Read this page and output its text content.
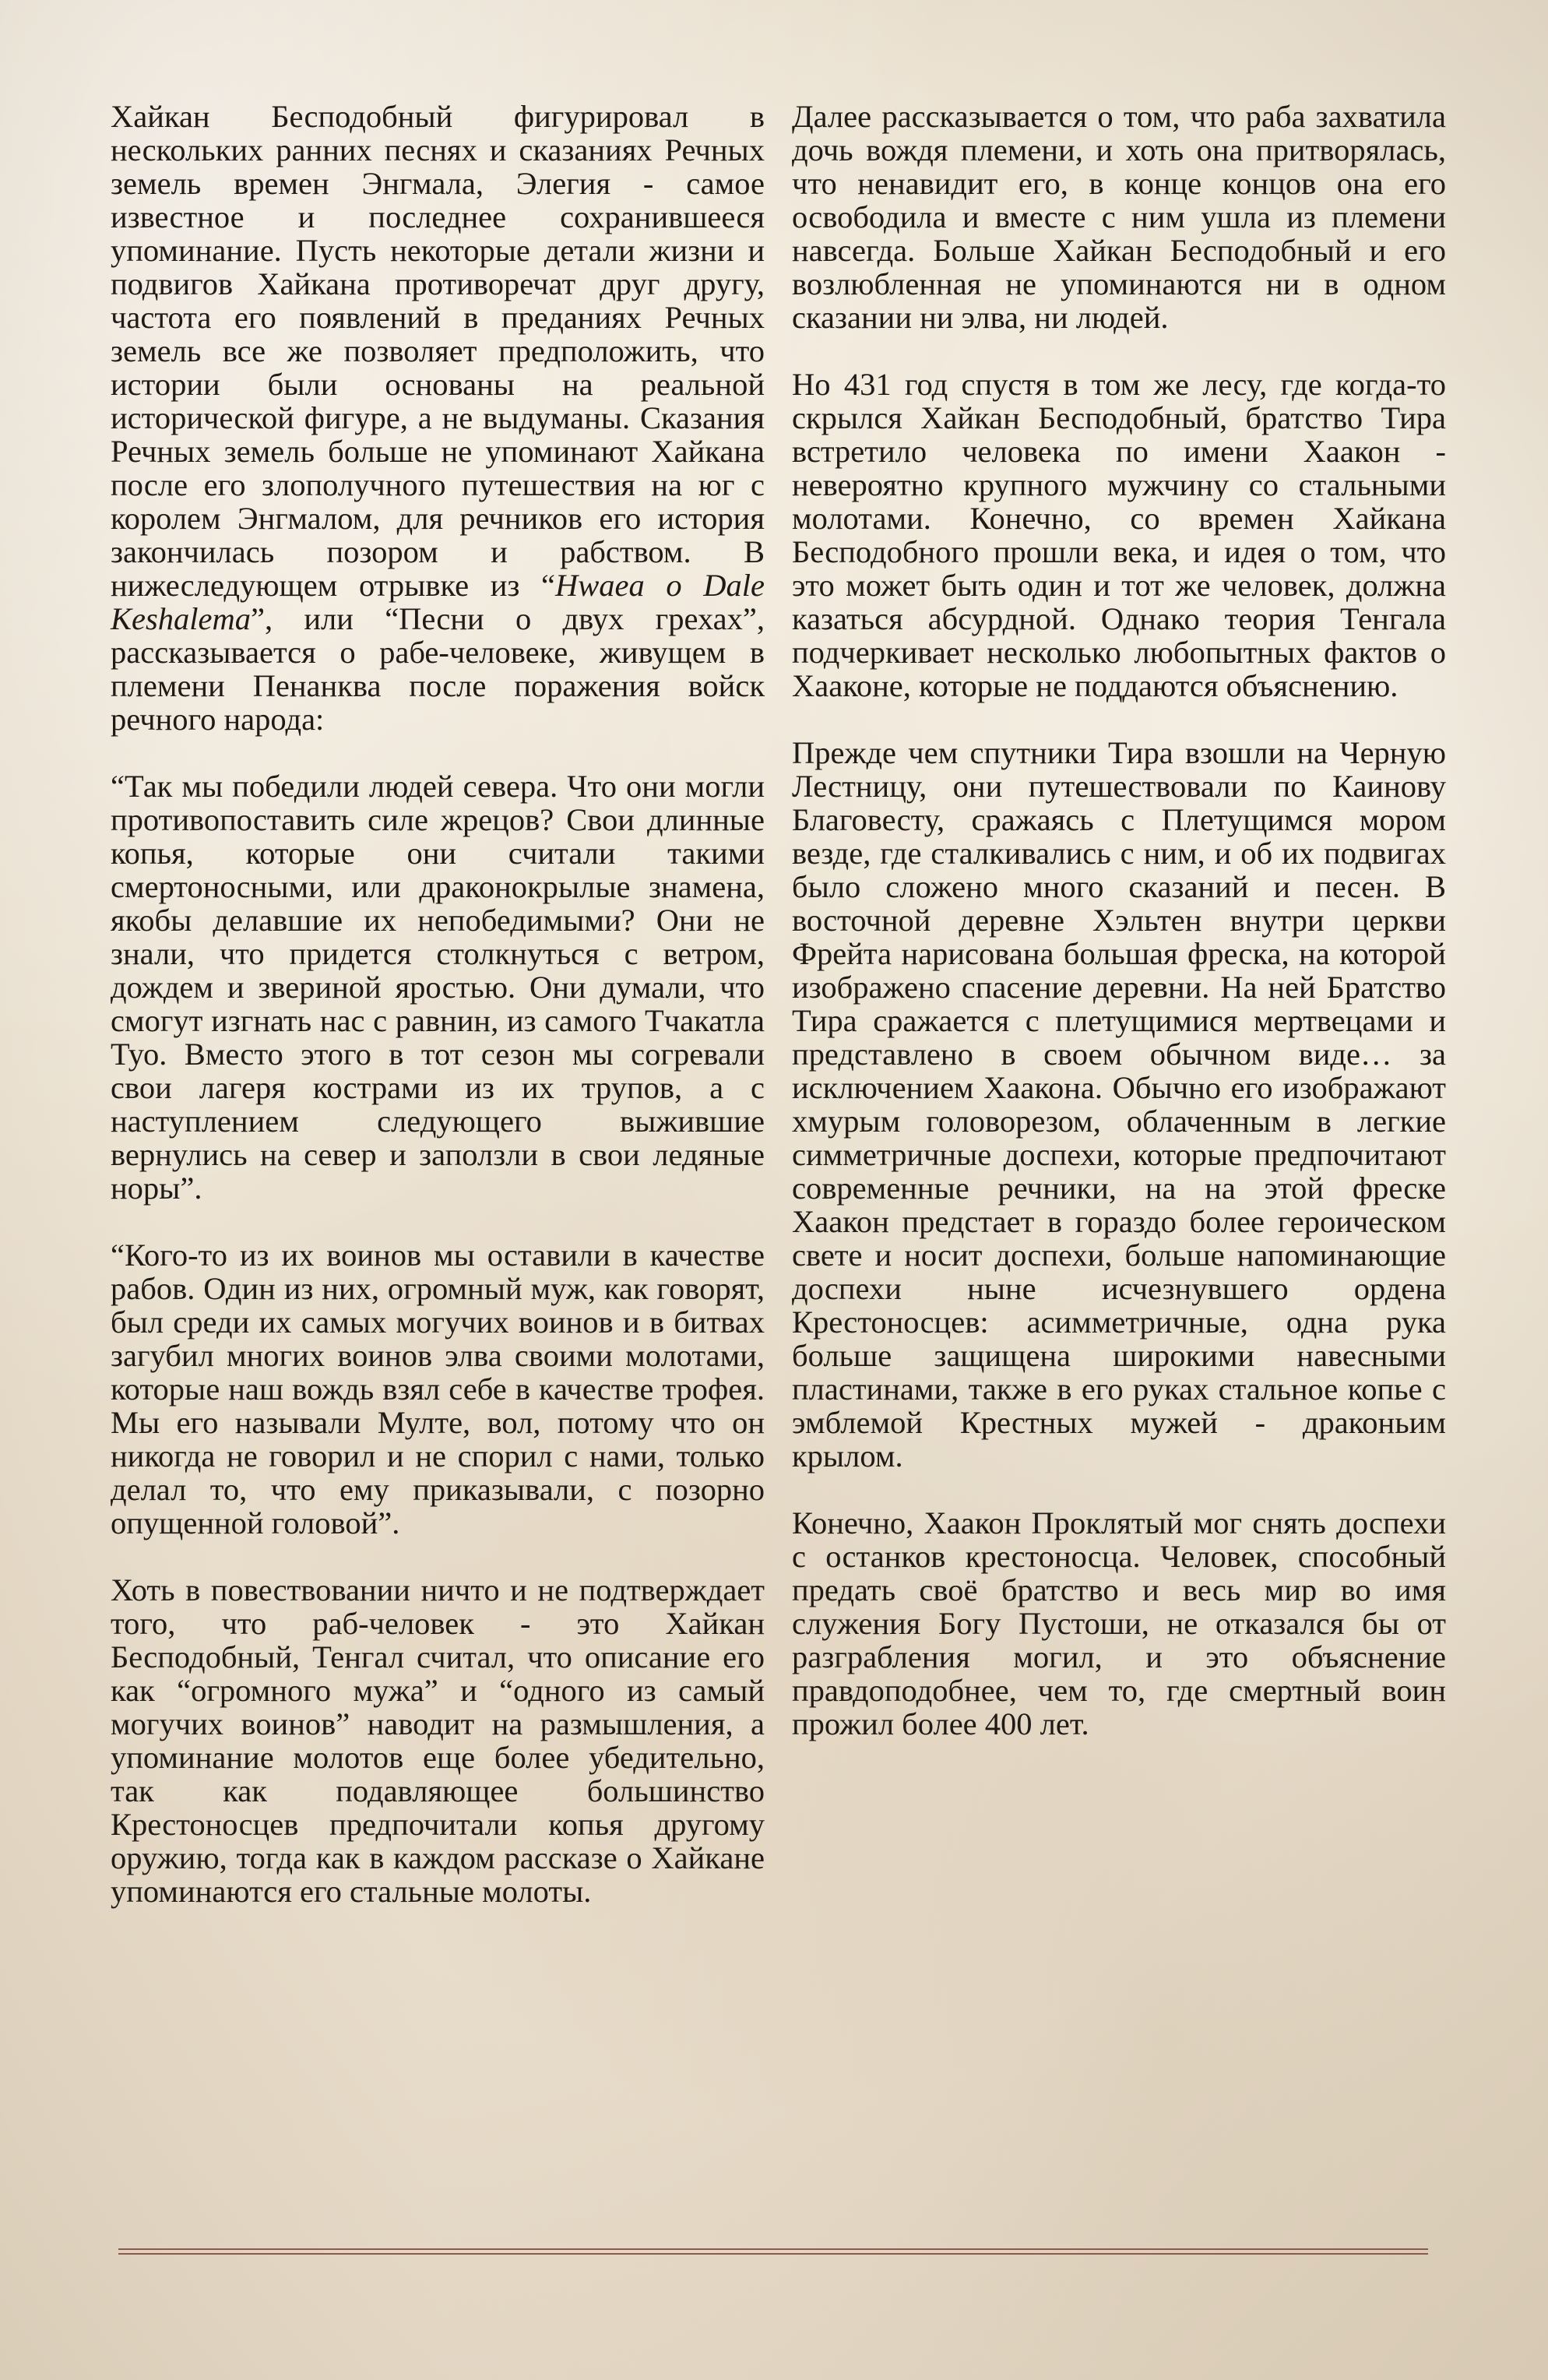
Хайкан Бесподобный фигурировал в нескольких ранних песнях и сказаниях Речных земель времен Энгмала, Элегия - самое известное и последнее сохранившееся упоминание. Пусть некоторые детали жизни и подвигов Хайкана противоречат друг другу, частота его появлений в преданиях Речных земель все же позволяет предположить, что истории были основаны на реальной исторической фигуре, а не выдуманы. Сказания Речных земель больше не упоминают Хайкана после его злополучного путешествия на юг с королем Энгмалом, для речников его история закончилась позором и рабством. В нижеследующем отрывке из “Hwaea o Dale Keshalema”, или “Песни о двух грехах”, рассказывается о рабе-человеке, живущем в племени Пенанква после поражения войск речного народа:

“Так мы победили людей севера. Что они могли противопоставить силе жрецов? Свои длинные копья, которые они считали такими смертоносными, или драконокрылые знамена, якобы делавшие их непобедимыми? Они не знали, что придется столкнуться с ветром, дождем и звериной яростью. Они думали, что смогут изгнать нас с равнин, из самого Тчакатла Туо. Вместо этого в тот сезон мы согревали свои лагеря кострами из их трупов, а с наступлением следующего выжившие вернулись на север и заползли в свои ледяные норы”.

“Кого-то из их воинов мы оставили в качестве рабов. Один из них, огромный муж, как говорят, был среди их самых могучих воинов и в битвах загубил многих воинов элва своими молотами, которые наш вождь взял себе в качестве трофея. Мы его называли Мулте, вол, потому что он никогда не говорил и не спорил с нами, только делал то, что ему приказывали, с позорно опущенной головой”.

Хоть в повествовании ничто и не подтверждает того, что раб-человек - это Хайкан Бесподобный, Тенгал считал, что описание его как “огромного мужа” и “одного из самый могучих воинов” наводит на размышления, а упоминание молотов еще более убедительно, так как подавляющее большинство Крестоносцев предпочитали копья другому оружию, тогда как в каждом рассказе о Хайкане упоминаются его стальные молоты.

Далее рассказывается о том, что раба захватила дочь вождя племени, и хоть она притворялась, что ненавидит его, в конце концов она его освободила и вместе с ним ушла из племени навсегда. Больше Хайкан Бесподобный и его возлюбленная не упоминаются ни в одном сказании ни элва, ни людей.

Но 431 год спустя в том же лесу, где когда-то скрылся Хайкан Бесподобный, братство Тира встретило человека по имени Хаакон - невероятно крупного мужчину со стальными молотами. Конечно, со времен Хайкана Бесподобного прошли века, и идея о том, что это может быть один и тот же человек, должна казаться абсурдной. Однако теория Тенгала подчеркивает несколько любопытных фактов о Хааконе, которые не поддаются объяснению.

Прежде чем спутники Тира взошли на Черную Лестницу, они путешествовали по Каинову Благовесту, сражаясь с Плетущимся мором везде, где сталкивались с ним, и об их подвигах было сложено много сказаний и песен. В восточной деревне Хэльтен внутри церкви Фрейта нарисована большая фреска, на которой изображено спасение деревни. На ней Братство Тира сражается с плетущимися мертвецами и представлено в своем обычном виде… за исключением Хаакона. Обычно его изображают хмурым головорезом, облаченным в легкие симметричные доспехи, которые предпочитают современные речники, на на этой фреске Хаакон предстает в гораздо более героическом свете и носит доспехи, больше напоминающие доспехи ныне исчезнувшего ордена Крестоносцев: асимметричные, одна рука больше защищена широкими навесными пластинами, также в его руках стальное копье с эмблемой Крестных мужей - драконьим крылом.

Конечно, Хаакон Проклятый мог снять доспехи с останков крестоносца. Человек, способный предать своё братство и весь мир во имя служения Богу Пустоши, не отказался бы от разграбления могил, и это объяснение правдоподобнее, чем то, где смертный воин прожил более 400 лет.
